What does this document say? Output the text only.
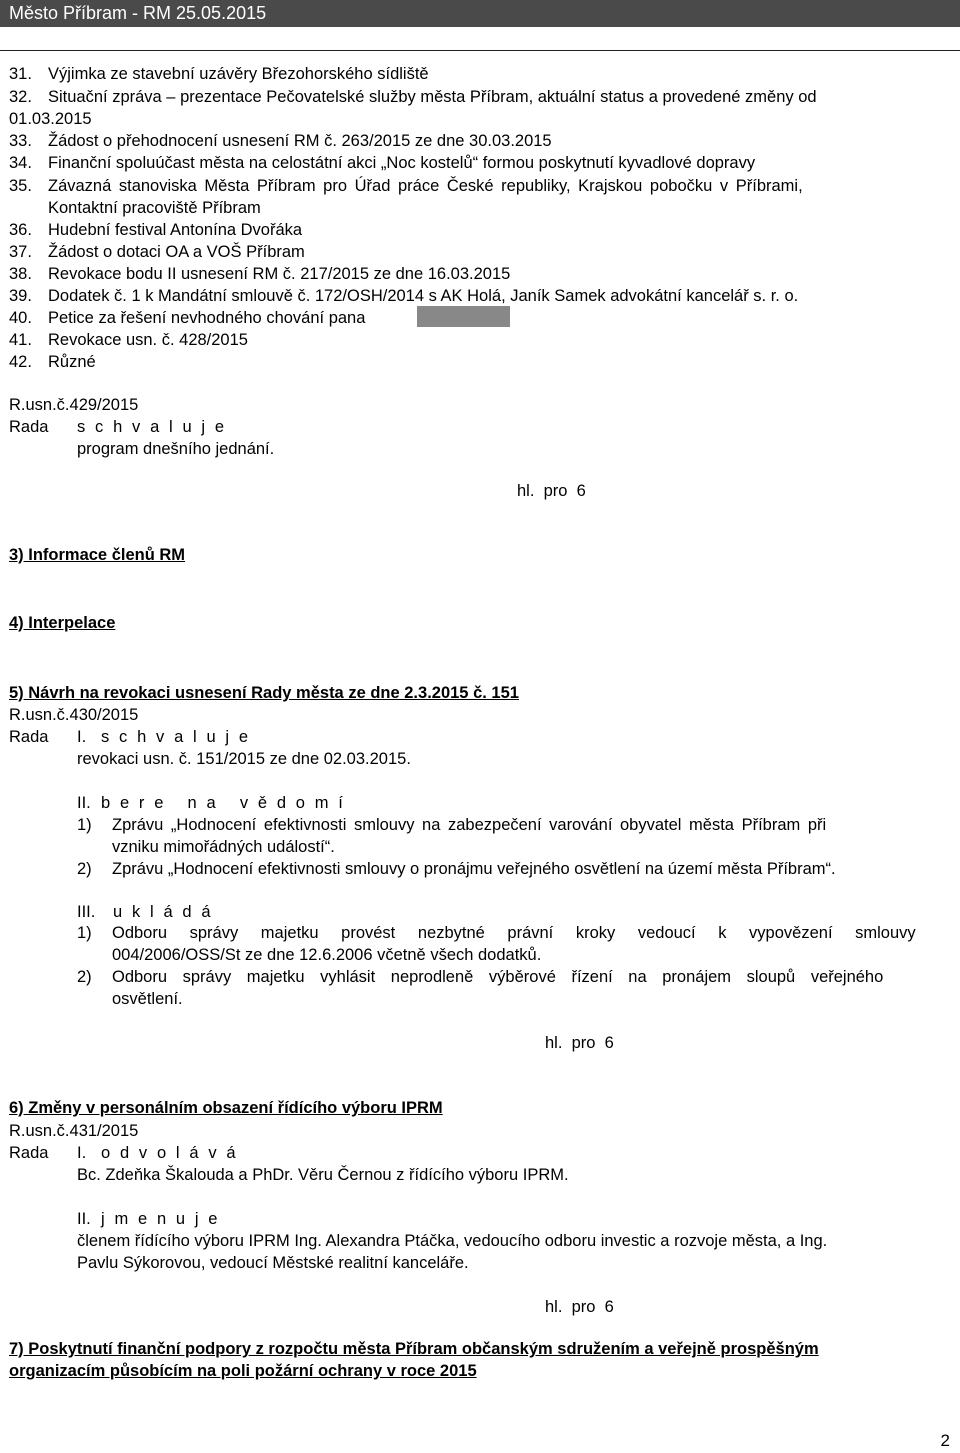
Město Příbram - RM 25.05.2015
31. Výjimka ze stavební uzávěry Březohorského sídliště
32. Situační zpráva – prezentace Pečovatelské služby města Příbram, aktuální status a provedené změny od
01.03.2015
33. Žádost o přehodnocení usnesení RM č. 263/2015 ze dne 30.03.2015
34. Finanční spoluúčast města na celostátní akci „Noc kostelů“ formou poskytnutí kyvadlové dopravy
35. Závazná stanoviska Města Příbram pro Úřad práce České republiky, Krajskou pobočku v Příbrami,
Kontaktní pracoviště Příbram
36. Hudební festival Antonína Dvořáka
37. Žádost o dotaci OA a VOŠ Příbram
38. Revokace bodu II usnesení RM č. 217/2015 ze dne 16.03.2015
39. Dodatek č. 1 k Mandátní smlouvě č. 172/OSH/2014 s AK Holá, Janík Samek advokátní kancelář s. r. o.
40. Petice za řešení nevhodného chování pana
41. Revokace usn. č. 428/2015
42. Různé
R.usn.č.429/2015
Rada s c h v a l u j e
program dnešního jednání.
hl.  pro  6
3) Informace členů RM
4) Interpelace
5) Návrh na revokaci usnesení Rady města ze dne 2.3.2015 č. 151
R.usn.č.430/2015
Rada I. s c h v a l u j e
revokaci usn. č. 151/2015 ze dne 02.03.2015.
II. b e r e   n a   v ě d o m í
1) Zprávu „Hodnocení efektivnosti smlouvy na zabezpečení varování obyvatel města Příbram při
vzniku mimořádných událostí“.
2) Zprávu „Hodnocení efektivnosti smlouvy o pronájmu veřejného osvětlení na území města Příbram“.
III. u k l á d á
1) Odboru správy majetku provést nezbytné právní kroky vedoucí k vypovězení smlouvy
004/2006/OSS/St ze dne 12.6.2006 včetně všech dodatků.
2) Odboru správy majetku vyhlásit neprodleně výběrové řízení na pronájem sloupů veřejného
osvětlení.
hl.  pro  6
6) Změny v personálním obsazení řídícího výboru IPRM
R.usn.č.431/2015
Rada I. o d v o l á v á
Bc. Zdeňka Škalouda a PhDr. Věru Černou z řídícího výboru IPRM.
II. j m e n u j e
členem řídícího výboru IPRM Ing. Alexandra Ptáčka, vedoucího odboru investic a rozvoje města, a Ing.
Pavlu Sýkorovou, vedoucí Městské realitní kanceláře.
hl.  pro  6
7) Poskytnutí finanční podpory z rozpočtu města Příbram občanským sdružením a veřejně prospěšným
organizacím působícím na poli požární ochrany v roce 2015
2
